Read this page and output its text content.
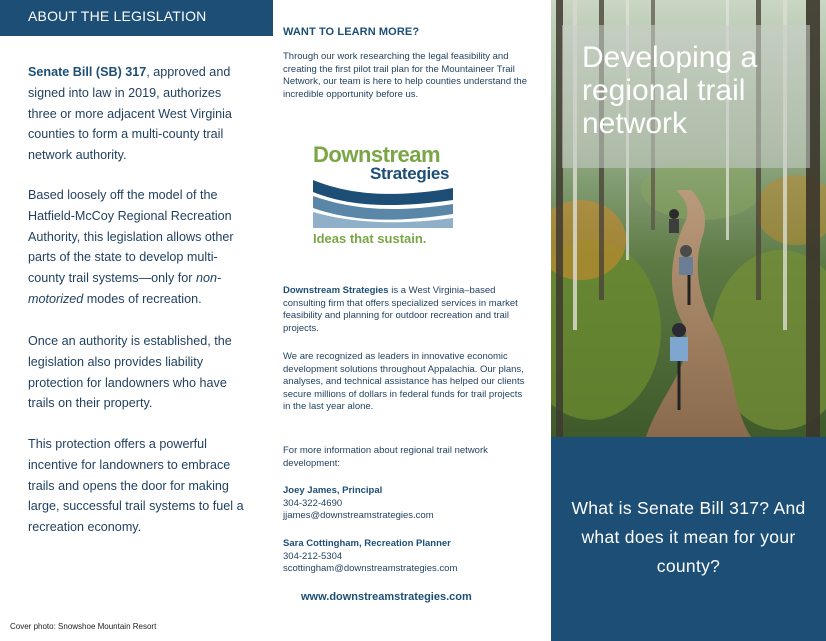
ABOUT THE LEGISLATION

Senate Bill (SB) 317, approved and signed into law in 2019, authorizes three or more adjacent West Virginia counties to form a multi-county trail network authority.

Based loosely off the model of the Hatfield-McCoy Regional Recreation Authority, this legislation allows other parts of the state to develop multi-county trail systems—only for non-motorized modes of recreation.

Once an authority is established, the legislation also provides liability protection for landowners who have trails on their property.

This protection offers a powerful incentive for landowners to embrace trails and opens the door for making large, successful trail systems to fuel a recreation economy.

Cover photo: Snowshoe Mountain Resort
WANT TO LEARN MORE?

Through our work researching the legal feasibility and creating the first pilot trail plan for the Mountaineer Trail Network, our team is here to help counties understand the incredible opportunity before us.

Downstream
Strategies
Ideas that sustain.

Downstream Strategies is a West Virginia–based consulting firm that offers specialized services in market feasibility and planning for outdoor recreation and trail projects.

We are recognized as leaders in innovative economic development solutions throughout Appalachia. Our plans, analyses, and technical assistance has helped our clients secure millions of dollars in federal funds for trail projects in the last year alone.

For more information about regional trail network development:

Joey James, Principal
304-322-4690
jjames@downstreamstrategies.com
Sara Cottingham, Recreation Planner
304-212-5304
scottingham@downstreamstrategies.com
www.downstreamstrategies.com
Developing a regional trail network

What is Senate Bill 317? And what does it mean for your county?
